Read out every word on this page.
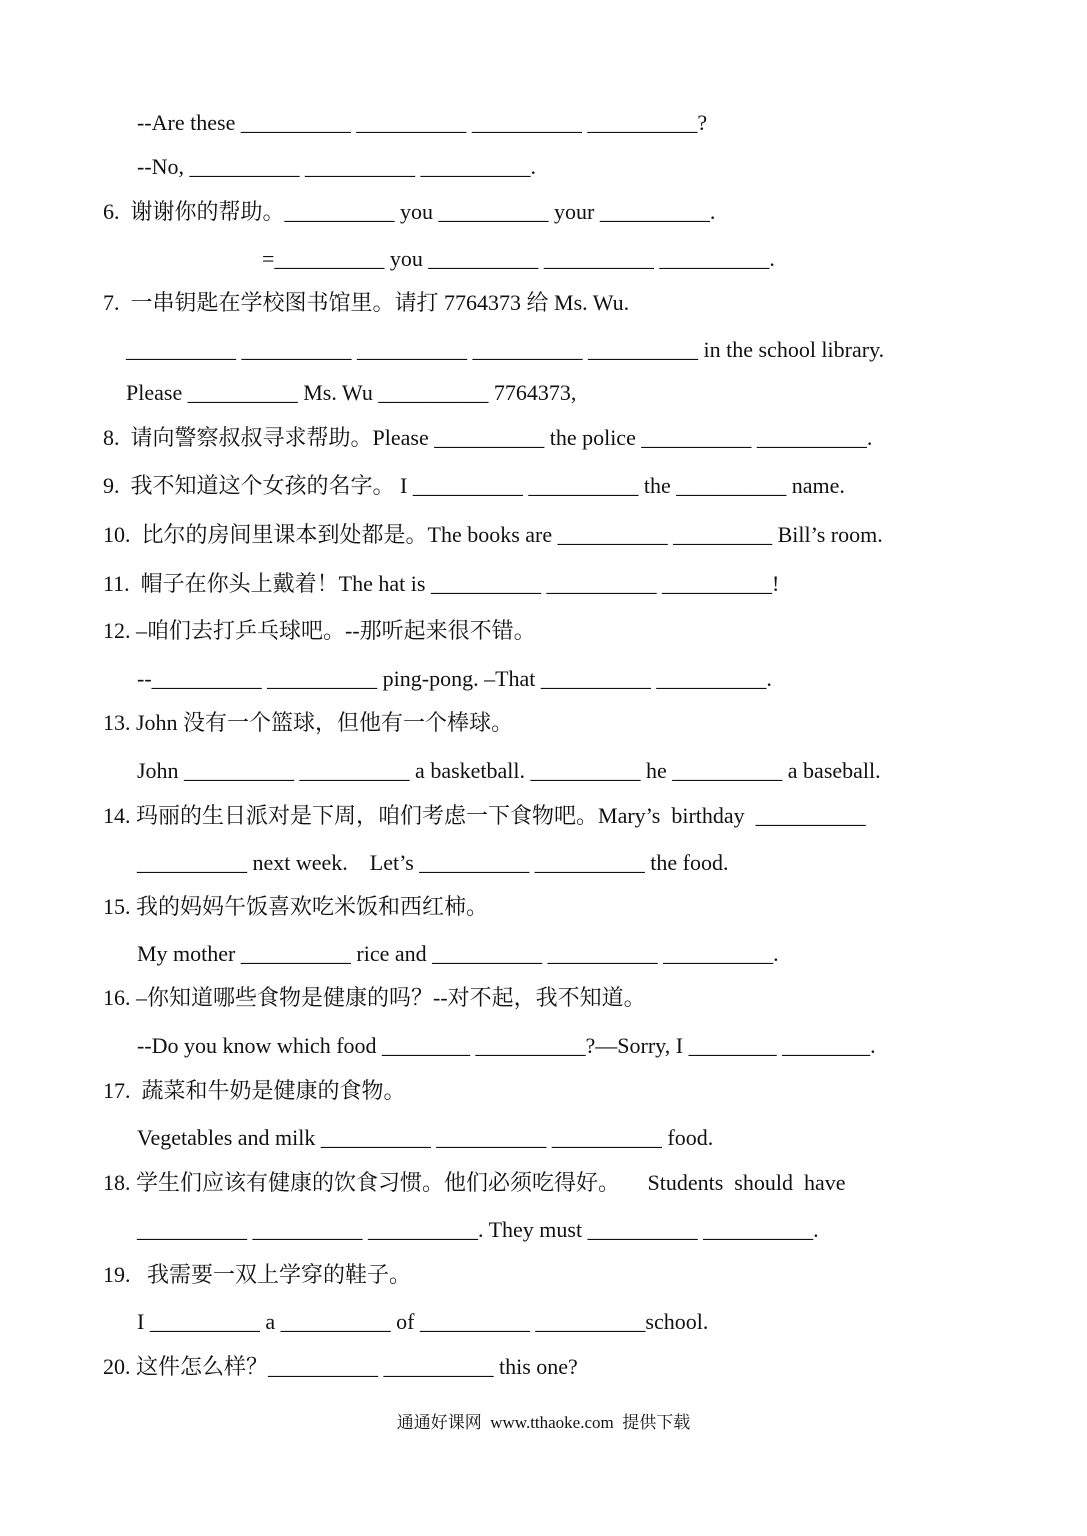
--Are these __________ __________ __________ __________?
--No, __________ __________ __________.
6.  谢谢你的帮助。__________ you __________ your __________.
=__________ you __________ __________ __________.
7.  一串钥匙在学校图书馆里。请打 7764373 给 Ms. Wu.
__________ __________ __________ __________ __________ in the school library.
Please __________ Ms. Wu __________ 7764373,
8.  请向警察叔叔寻求帮助。Please __________ the police __________ __________.
9.  我不知道这个女孩的名字。 I __________ __________ the __________ name.
10.  比尔的房间里课本到处都是。The books are __________ _________ Bill’s room.
11.  帽子在你头上戴着！The hat is __________ __________ __________!
12. –咱们去打乒乓球吧。--那听起来很不错。
--__________ __________ ping-pong. –That __________ __________.
13. John 没有一个篮球，但他有一个棒球。
John __________ __________ a basketball. __________ he __________ a baseball.
14. 玛丽的生日派对是下周，咱们考虑一下食物吧。Mary’s  birthday  __________
__________ next week.    Let’s __________ __________ the food.
15. 我的妈妈午饭喜欢吃米饭和西红柿。
My mother __________ rice and __________ __________ __________.
16. –你知道哪些食物是健康的吗？--对不起，我不知道。
--Do you know which food ________ __________?—Sorry, I ________ ________.
17.  蔬菜和牛奶是健康的食物。
Vegetables and milk __________ __________ __________ food.
18. 学生们应该有健康的饮食习惯。他们必须吃得好。     Students  should  have
__________ __________ __________. They must __________ __________.
19.   我需要一双上学穿的鞋子。
I __________ a __________ of __________ __________school.
20. 这件怎么样？__________ __________ this one?
通通好课网  www.tthaoke.com  提供下载
